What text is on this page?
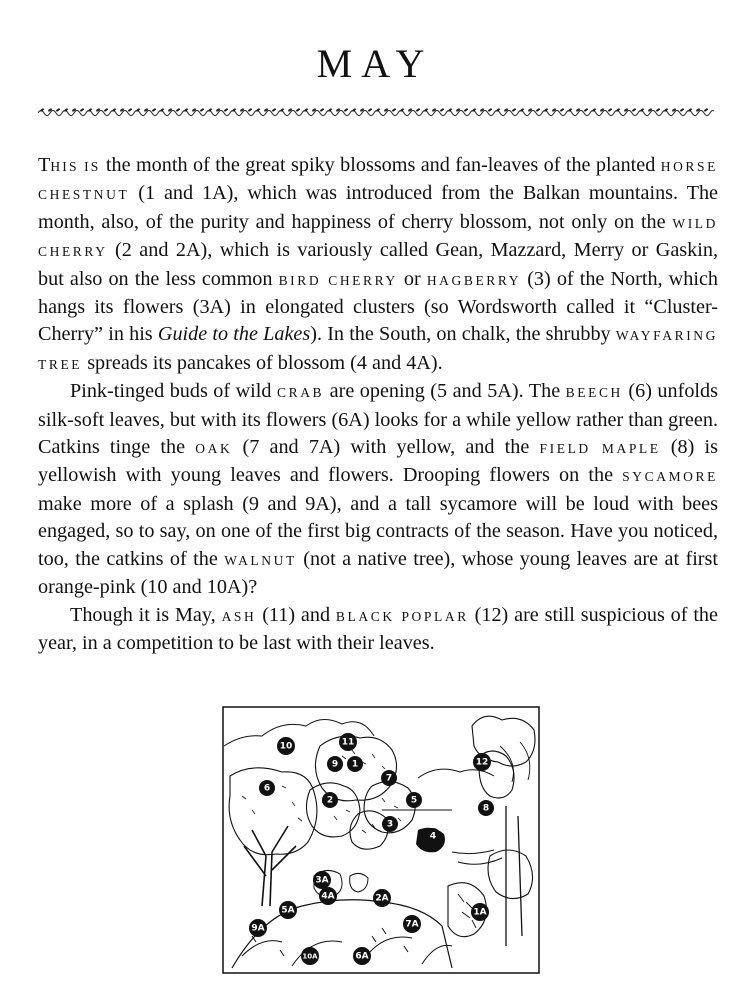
MAY

THIS IS the month of the great spiky blossoms and fan-leaves of the planted HORSE CHESTNUT (1 and 1A), which was introduced from the Balkan mountains. The month, also, of the purity and happiness of cherry blossom, not only on the WILD CHERRY (2 and 2A), which is variously called Gean, Mazzard, Merry or Gaskin, but also on the less common BIRD CHERRY or HAGBERRY (3) of the North, which hangs its flowers (3A) in elongated clusters (so Wordsworth called it “Cluster-Cherry” in his Guide to the Lakes). In the South, on chalk, the shrubby WAYFARING TREE spreads its pancakes of blossom (4 and 4A).

Pink-tinged buds of wild CRAB are opening (5 and 5A). The BEECH (6) unfolds silk-soft leaves, but with its flowers (6A) looks for a while yellow rather than green. Catkins tinge the OAK (7 and 7A) with yellow, and the FIELD MAPLE (8) is yellowish with young leaves and flowers. Drooping flowers on the SYCAMORE make more of a splash (9 and 9A), and a tall sycamore will be loud with bees engaged, so to say, on one of the first big contracts of the season. Have you noticed, too, the catkins of the WALNUT (not a native tree), whose young leaves are at first orange-pink (10 and 10A)?

Though it is May, ASH (11) and BLACK POPLAR (12) are still suspicious of the year, in a competition to be last with their leaves.

1
2
3
4
5
6
7
8
9
10	11
12
1A
2A
3A
4A
5A
6A
7A
9A
10A
